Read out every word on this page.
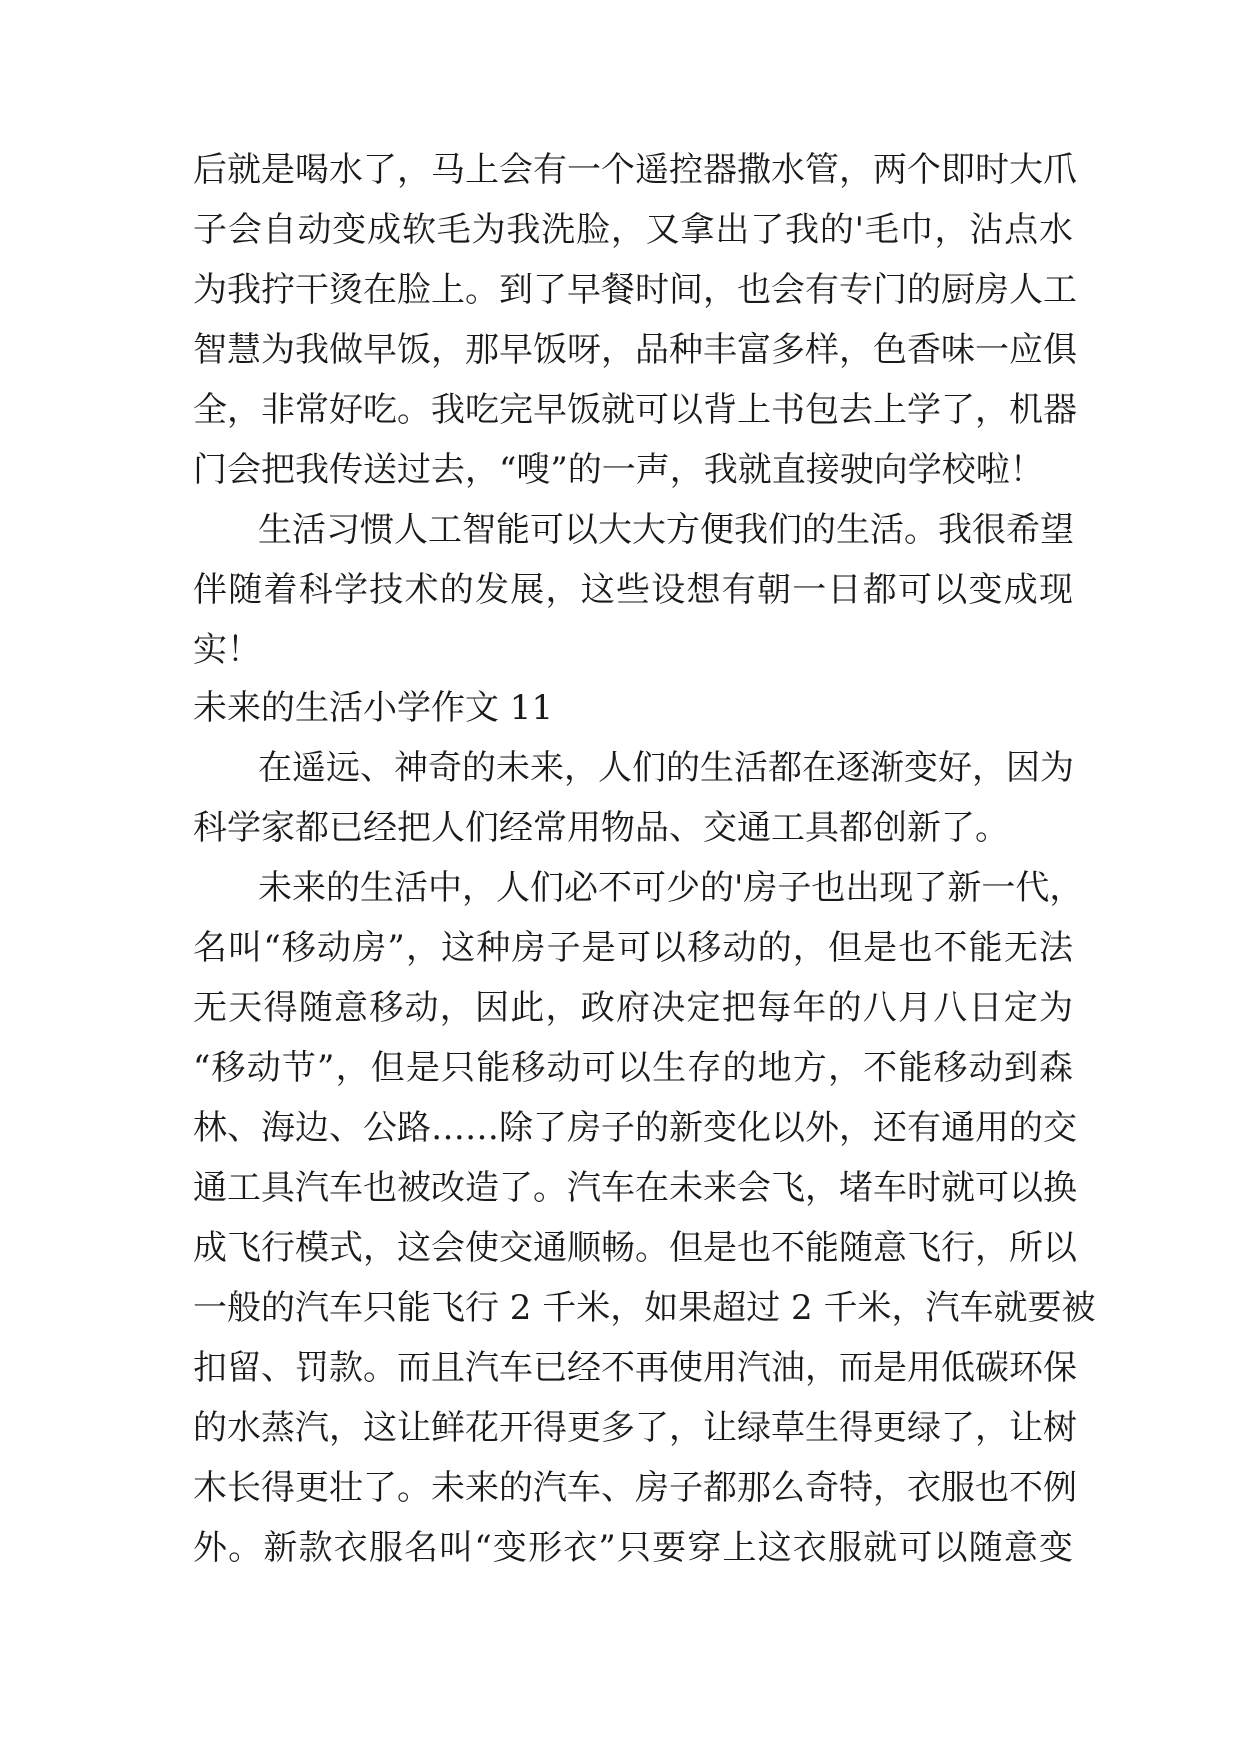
后就是喝水了，马上会有一个遥控器撒水管，两个即时大爪
子会自动变成软毛为我洗脸，又拿出了我的'毛巾，沾点水
为我拧干烫在脸上。到了早餐时间，也会有专门的厨房人工
智慧为我做早饭，那早饭呀，品种丰富多样，色香味一应俱
全，非常好吃。我吃完早饭就可以背上书包去上学了，机器
门会把我传送过去，“嗖”的一声，我就直接驶向学校啦！
生活习惯人工智能可以大大方便我们的生活。我很希望
伴随着科学技术的发展，这些设想有朝一日都可以变成现
实！
未来的生活小学作文 11
在遥远、神奇的未来，人们的生活都在逐渐变好，因为
科学家都已经把人们经常用物品、交通工具都创新了。
未来的生活中，人们必不可少的'房子也出现了新一代，
名叫“移动房”，这种房子是可以移动的，但是也不能无法
无天得随意移动，因此，政府决定把每年的八月八日定为
“移动节”，但是只能移动可以生存的地方，不能移动到森
林、海边、公路……除了房子的新变化以外，还有通用的交
通工具汽车也被改造了。汽车在未来会飞，堵车时就可以换
成飞行模式，这会使交通顺畅。但是也不能随意飞行，所以
一般的汽车只能飞行 2 千米，如果超过 2 千米，汽车就要被
扣留、罚款。而且汽车已经不再使用汽油，而是用低碳环保
的水蒸汽，这让鲜花开得更多了，让绿草生得更绿了，让树
木长得更壮了。未来的汽车、房子都那么奇特，衣服也不例
外。新款衣服名叫“变形衣”只要穿上这衣服就可以随意变
